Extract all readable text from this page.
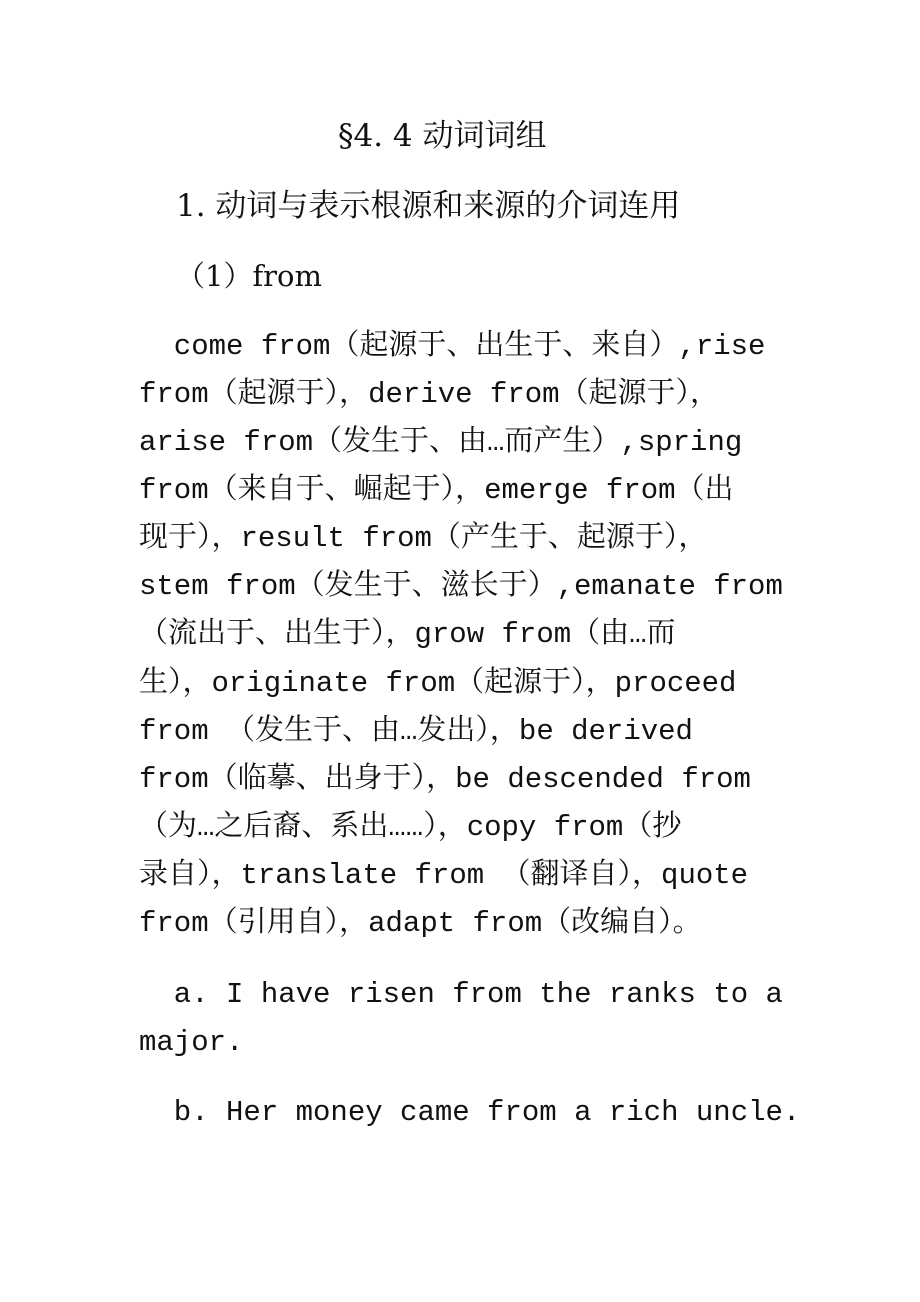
§4. 4 动词词组
1. 动词与表示根源和来源的介词连用
（1）from
come from（起源于、出生于、来自）,rise
from（起源于），derive from（起源于），
arise from（发生于、由…而产生）,spring
from（来自于、崛起于），emerge from（出
现于），result from（产生于、起源于），
stem from（发生于、滋长于）,emanate from
（流出于、出生于），grow from（由…而
生），originate from（起源于），proceed
from （发生于、由…发出），be derived
from（临摹、出身于），be descended from
（为…之后裔、系出……），copy from（抄
录自），translate from （翻译自），quote
from（引用自），adapt from（改编自）。
a. I have risen from the ranks to a
major.
b. Her money came from a rich uncle.
